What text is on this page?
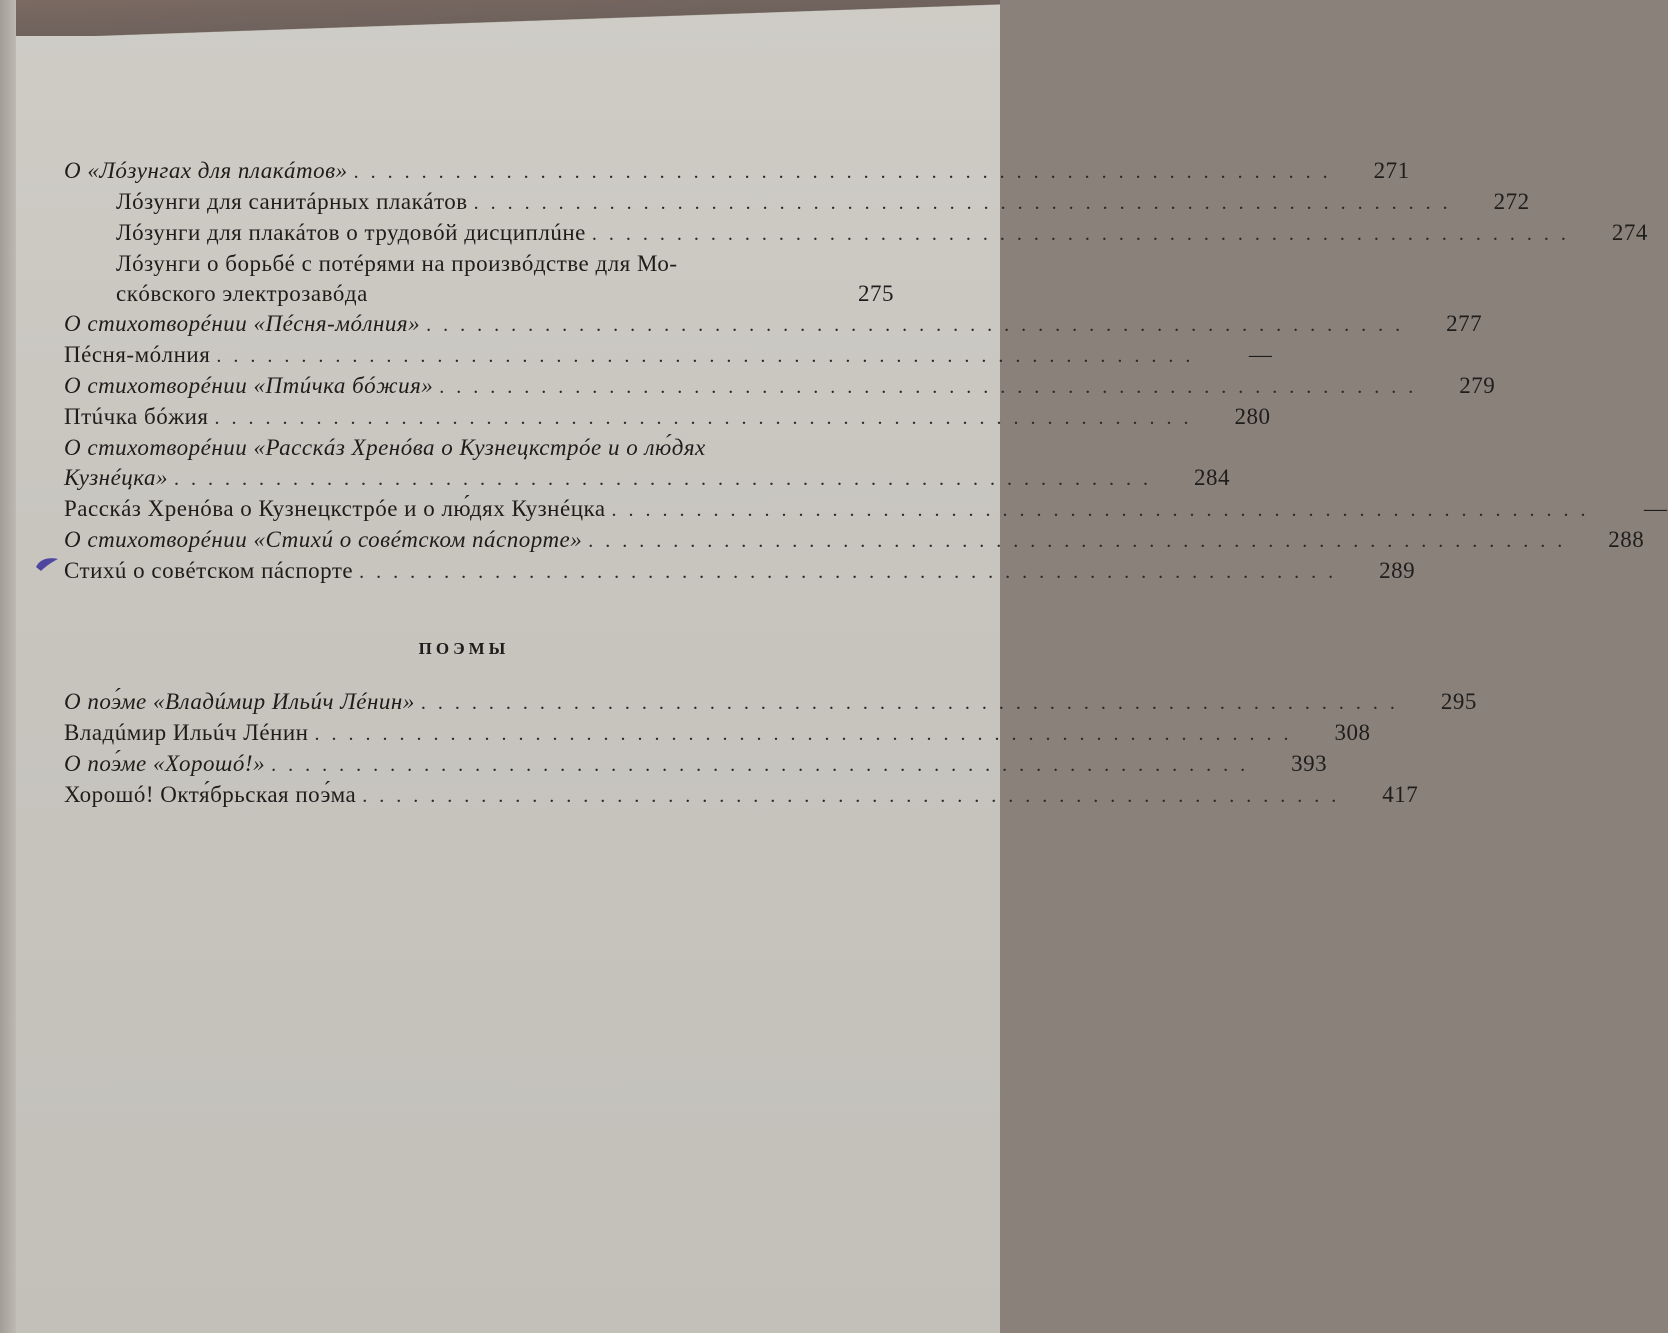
О «Лóзунгах для плакáтов» ..........................................................	271
Лóзунги для санитáрных плакáтов ..........................................................	272
Лóзунги для плакáтов о трудовóй дисциплúне ..........................................................	274
Лóзунги о борьбé с потéрями на произвóдстве для Мо-
скóвского электрозавóда	275
О стихотворéнии «Пéсня-мóлния» ..........................................................	277
Пéсня-мóлния ..........................................................	—
О стихотворéнии «Птúчка бóжия» ..........................................................	279
Птúчка бóжия ..........................................................	280
О стихотворéнии «Расскáз Хренóва о Кузнецкстрóе и о лю́дях
Кузнéцка» ..........................................................	284
Расскáз Хренóва о Кузнецкстрóе и о лю́дях Кузнéцка ..........................................................	—
О стихотворéнии «Стихú о совéтском пáспорте» ..........................................................	288
Стихú о совéтском пáспорте ..........................................................	289
ПОЭМЫ
О поэ́ме «Владúмир Ильúч Лéнин» ..........................................................	295
Владúмир Ильúч Лéнин ..........................................................	308
О поэ́ме «Хорошó!» ..........................................................	393
Хорошó! Октя́брьская поэ́ма ..........................................................	417
